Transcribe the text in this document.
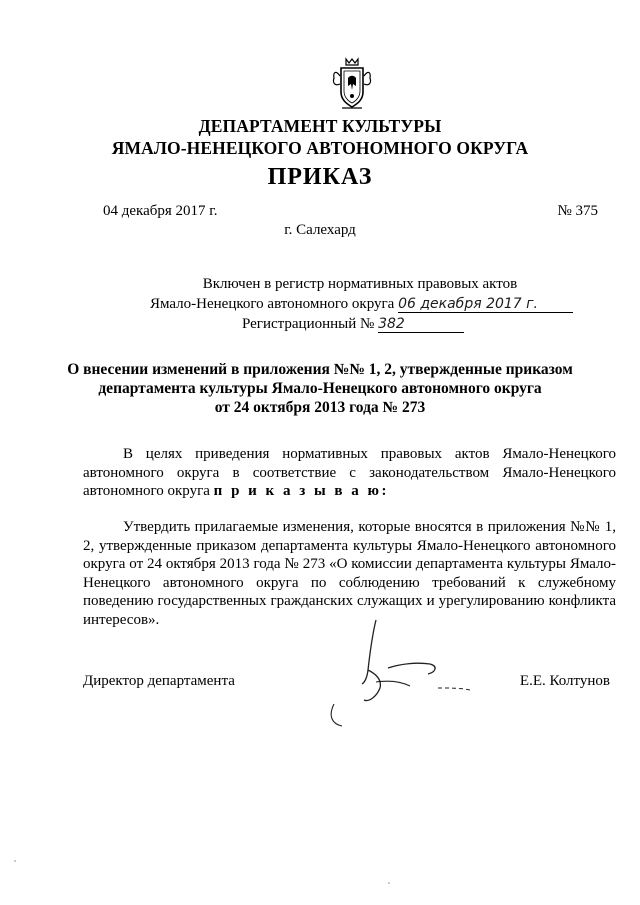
ДЕПАРТАМЕНТ КУЛЬТУРЫ
ЯМАЛО-НЕНЕЦКОГО АВТОНОМНОГО ОКРУГА
ПРИКАЗ
04 декабря 2017 г.	№ 375
г. Салехард
Включен в регистр нормативных правовых актов
Ямало-Ненецкого автономного округа 06 декабря 2017 г.
Регистрационный № 382
О внесении изменений в приложения №№ 1, 2, утвержденные приказом
департамента культуры Ямало-Ненецкого автономного округа
от 24 октября 2013 года № 273
В целях приведения нормативных правовых актов Ямало-Ненецкого автономного округа в соответствие с законодательством Ямало-Ненецкого автономного округа п р и к а з ы в а ю:
Утвердить прилагаемые изменения, которые вносятся в приложения №№ 1, 2, утвержденные приказом департамента культуры Ямало-Ненецкого автономного округа от 24 октября 2013 года № 273 «О комиссии департамента культуры Ямало-Ненецкого автономного округа по соблюдению требований к служебному поведению государственных гражданских служащих и урегулированию конфликта интересов».
Директор департамента	Е.Е. Колтунов
